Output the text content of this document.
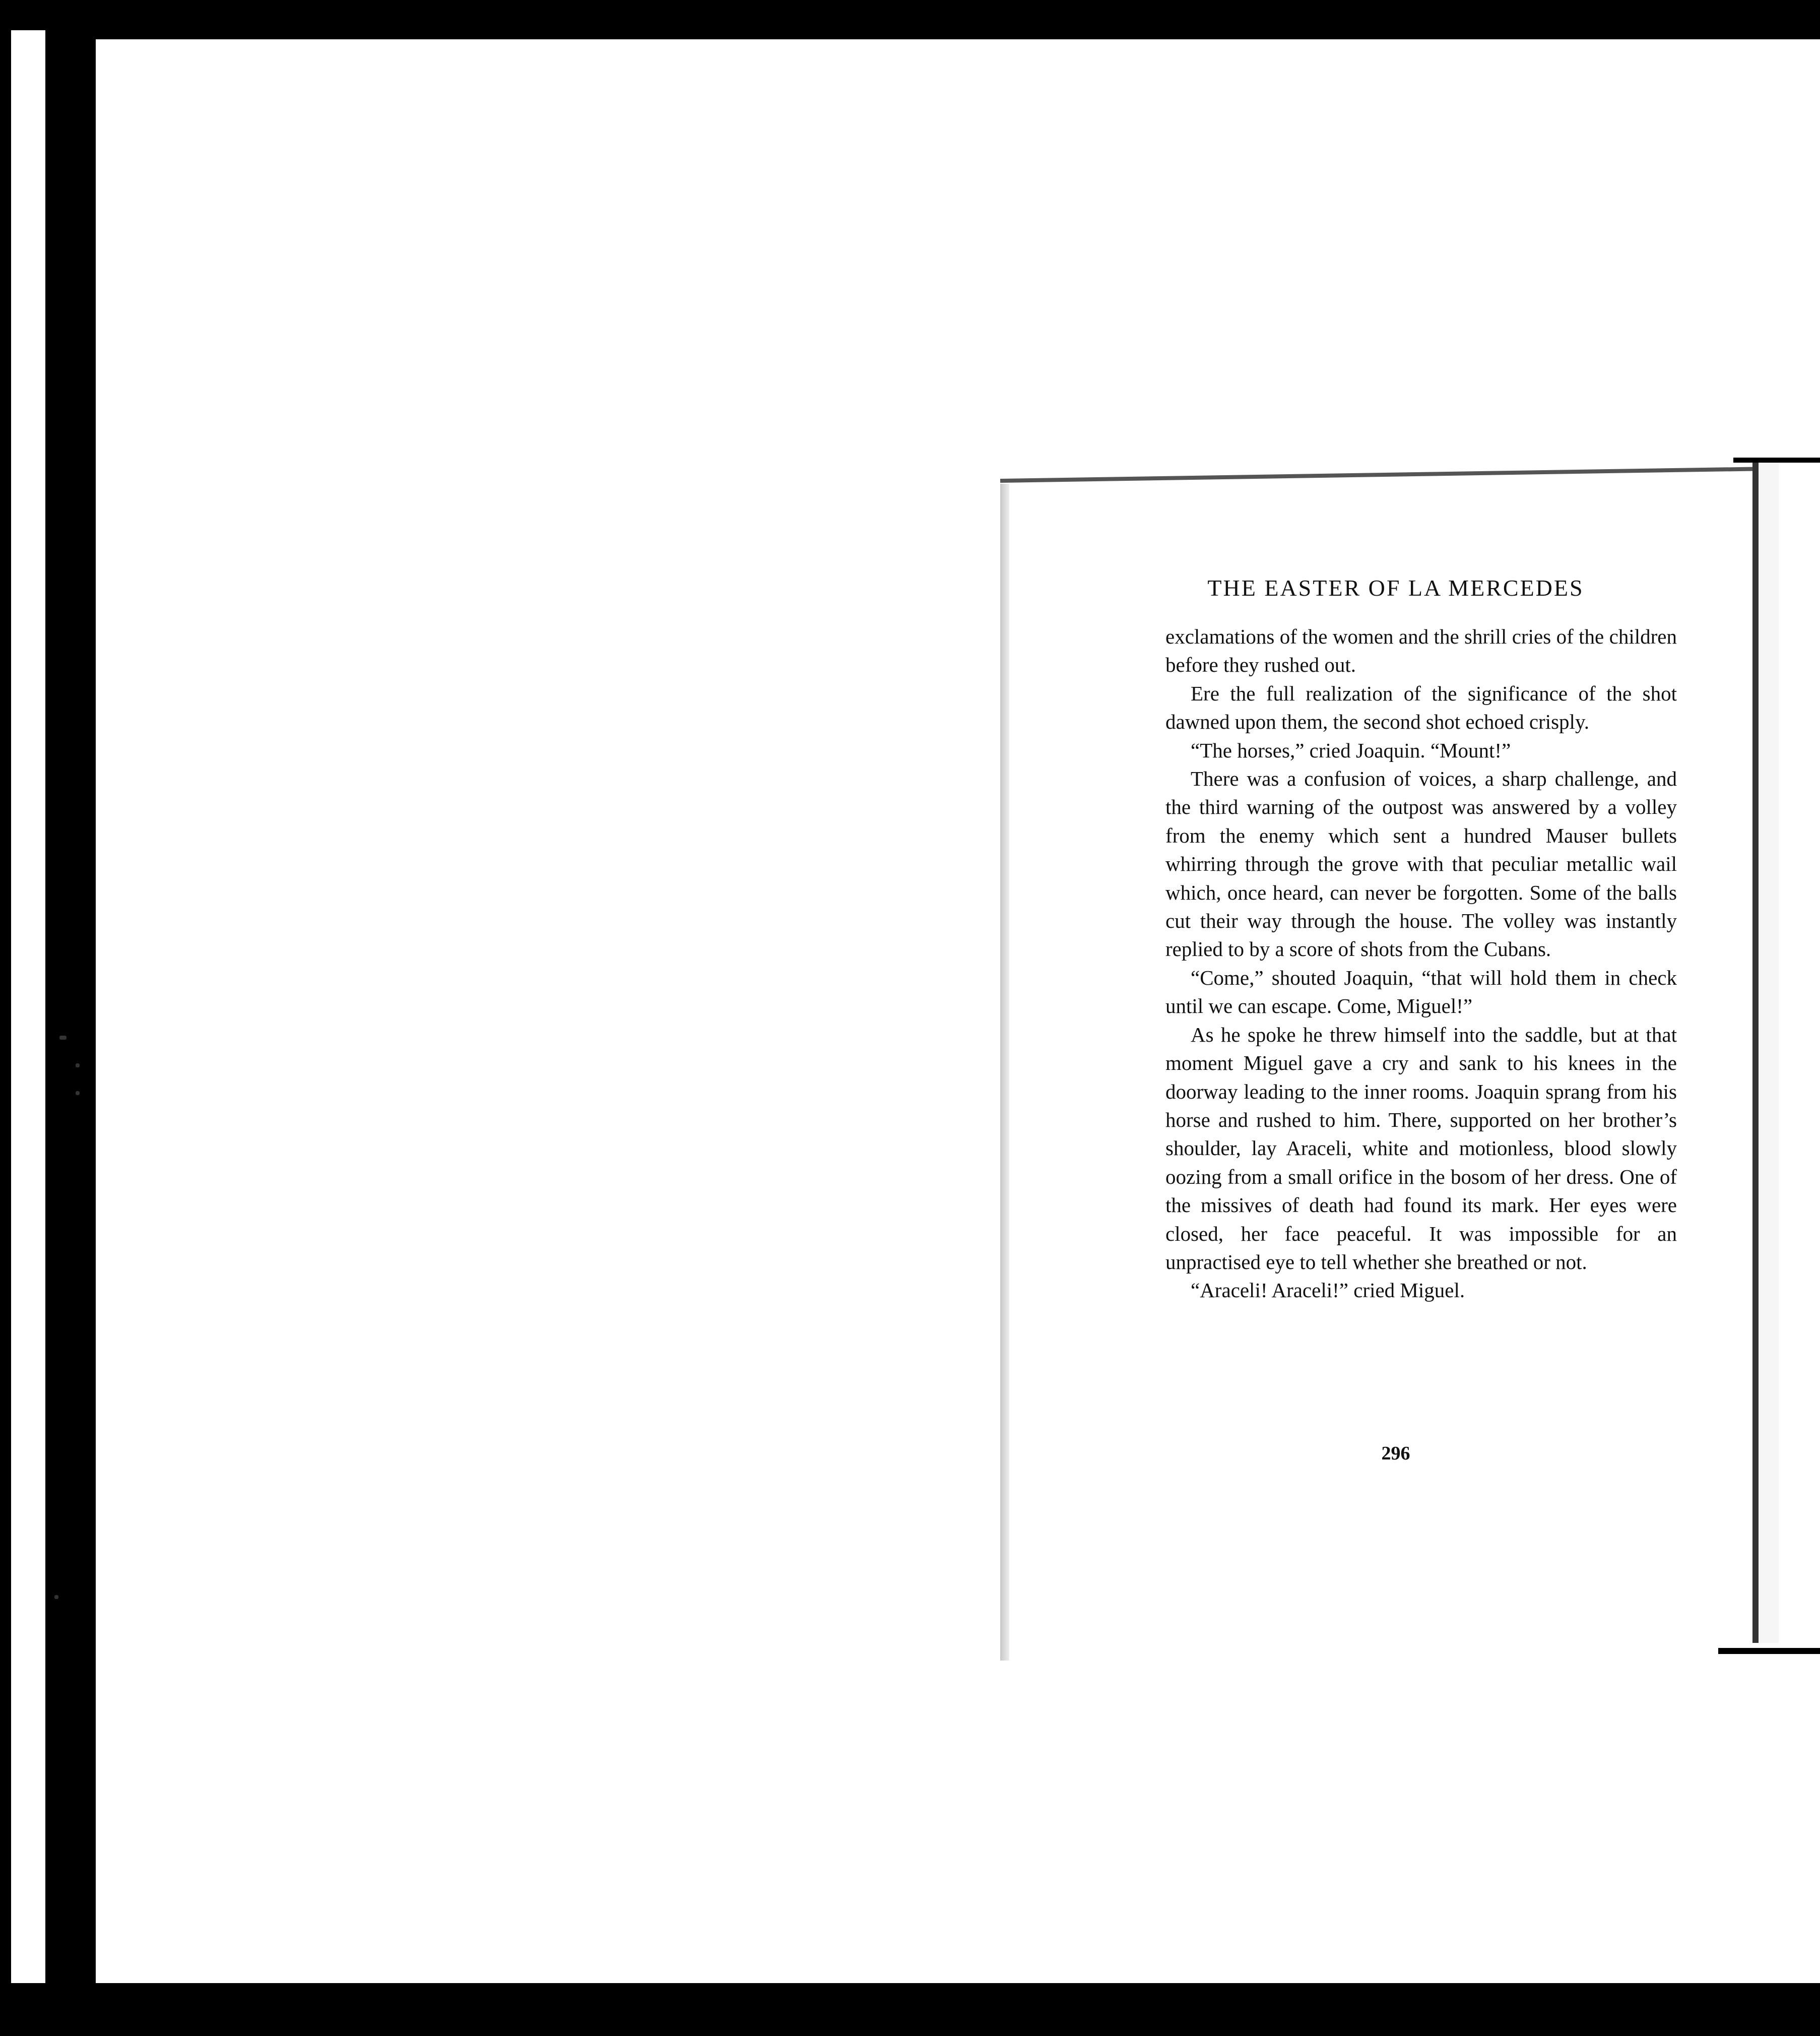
THE EASTER OF LA MERCEDES

exclamations of the women and the shrill cries of the children before they rushed out.

Ere the full realization of the significance of the shot dawned upon them, the second shot echoed crisply.

“The horses,” cried Joaquin. “Mount!”

There was a confusion of voices, a sharp challenge, and the third warning of the outpost was answered by a volley from the enemy which sent a hundred Mauser bullets whirring through the grove with that peculiar metallic wail which, once heard, can never be forgotten. Some of the balls cut their way through the house. The volley was instantly replied to by a score of shots from the Cubans.

“Come,” shouted Joaquin, “that will hold them in check until we can escape. Come, Miguel!”

As he spoke he threw himself into the saddle, but at that moment Miguel gave a cry and sank to his knees in the doorway leading to the inner rooms. Joaquin sprang from his horse and rushed to him. There, supported on her brother’s shoulder, lay Araceli, white and motionless, blood slowly oozing from a small orifice in the bosom of her dress. One of the missives of death had found its mark. Her eyes were closed, her face peaceful. It was impossible for an unpractised eye to tell whether she breathed or not.

“Araceli! Araceli!” cried Miguel.

296
